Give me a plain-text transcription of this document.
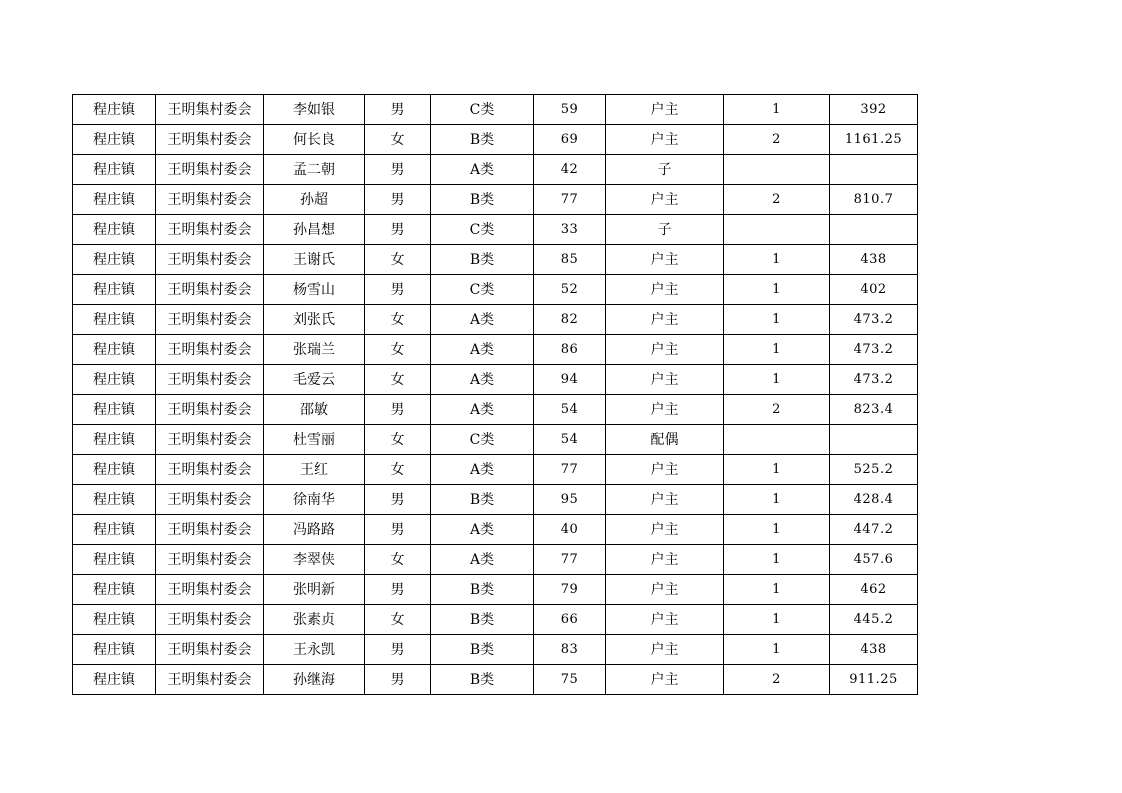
程庄镇	王明集村委会	李如银	男	C类	59	户主	1	392
程庄镇	王明集村委会	何长良	女	B类	69	户主	2	1161.25
程庄镇	王明集村委会	孟二朝	男	A类	42	子		
程庄镇	王明集村委会	孙超	男	B类	77	户主	2	810.7
程庄镇	王明集村委会	孙昌想	男	C类	33	子		
程庄镇	王明集村委会	王谢氏	女	B类	85	户主	1	438
程庄镇	王明集村委会	杨雪山	男	C类	52	户主	1	402
程庄镇	王明集村委会	刘张氏	女	A类	82	户主	1	473.2
程庄镇	王明集村委会	张瑞兰	女	A类	86	户主	1	473.2
程庄镇	王明集村委会	毛爱云	女	A类	94	户主	1	473.2
程庄镇	王明集村委会	邵敏	男	A类	54	户主	2	823.4
程庄镇	王明集村委会	杜雪丽	女	C类	54	配偶		
程庄镇	王明集村委会	王红	女	A类	77	户主	1	525.2
程庄镇	王明集村委会	徐南华	男	B类	95	户主	1	428.4
程庄镇	王明集村委会	冯路路	男	A类	40	户主	1	447.2
程庄镇	王明集村委会	李翠侠	女	A类	77	户主	1	457.6
程庄镇	王明集村委会	张明新	男	B类	79	户主	1	462
程庄镇	王明集村委会	张素贞	女	B类	66	户主	1	445.2
程庄镇	王明集村委会	王永凯	男	B类	83	户主	1	438
程庄镇	王明集村委会	孙继海	男	B类	75	户主	2	911.25
